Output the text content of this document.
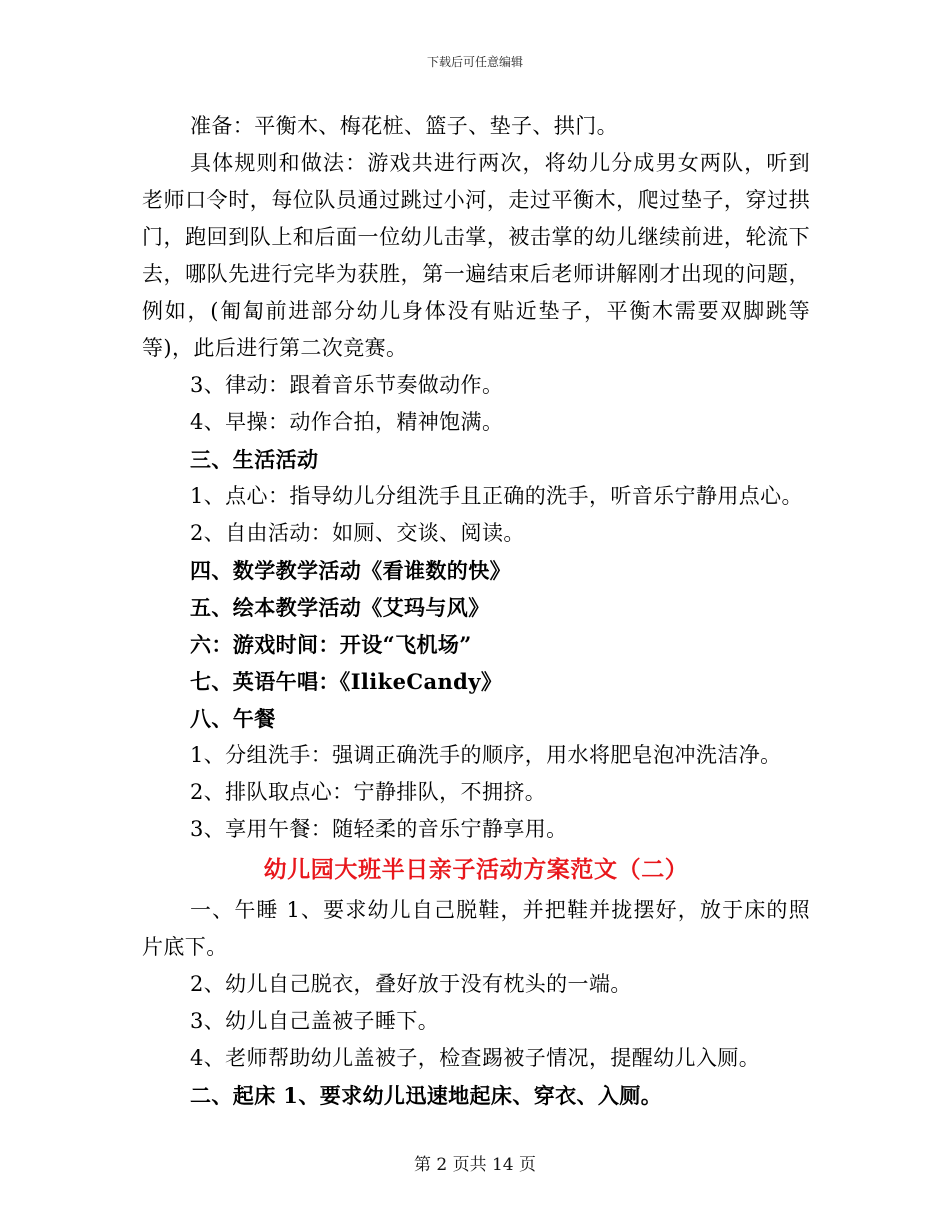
下载后可任意编辑

准备：平衡木、梅花桩、篮子、垫子、拱门。

具体规则和做法：游戏共进行两次，将幼儿分成男女两队，听到老师口令时，每位队员通过跳过小河，走过平衡木，爬过垫子，穿过拱门，跑回到队上和后面一位幼儿击掌，被击掌的幼儿继续前进，轮流下去，哪队先进行完毕为获胜，第一遍结束后老师讲解刚才出现的问题，例如，(匍匐前进部分幼儿身体没有贴近垫子，平衡木需要双脚跳等等)，此后进行第二次竞赛。

3、律动：跟着音乐节奏做动作。

4、早操：动作合拍，精神饱满。

三、生活活动

1、点心：指导幼儿分组洗手且正确的洗手，听音乐宁静用点心。

2、自由活动：如厕、交谈、阅读。

四、数学教学活动《看谁数的快》

五、绘本教学活动《艾玛与风》

六：游戏时间：开设“飞机场”

七、英语午唱：《IlikeCandy》

八、午餐

1、分组洗手：强调正确洗手的顺序，用水将肥皂泡冲洗洁净。

2、排队取点心：宁静排队，不拥挤。

3、享用午餐：随轻柔的音乐宁静享用。

幼儿园大班半日亲子活动方案范文（二）

一、午睡 1、要求幼儿自己脱鞋，并把鞋并拢摆好，放于床的照片底下。

2、幼儿自己脱衣，叠好放于没有枕头的一端。

3、幼儿自己盖被子睡下。

4、老师帮助幼儿盖被子，检查踢被子情况，提醒幼儿入厕。

二、起床 1、要求幼儿迅速地起床、穿衣、入厕。

第 2 页共 14 页
